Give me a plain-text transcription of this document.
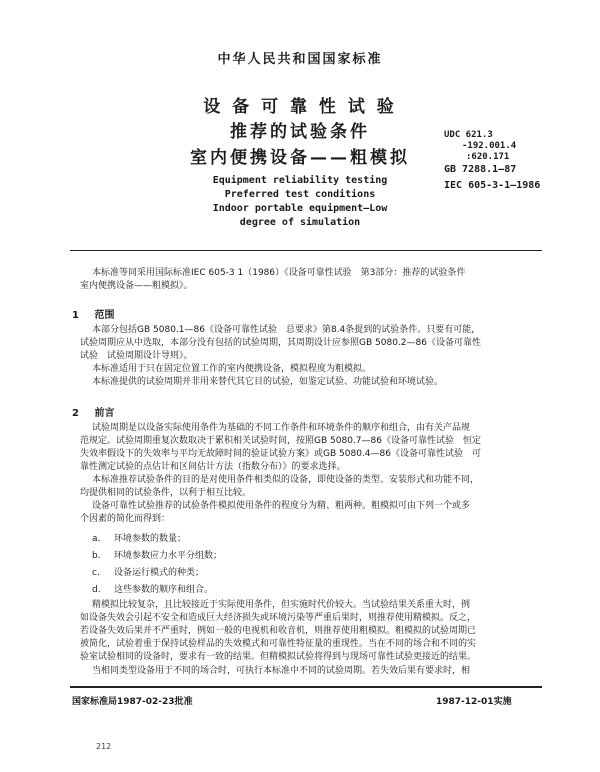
中华人民共和国国家标准
设 备 可 靠 性 试 验
推荐的试验条件
室内便携设备——粗模拟
UDC 621.3
-192.001.4
:620.171
GB 7288.1—87
IEC 605-3-1—1986
Equipment reliability testing
Preferred test conditions
Indoor portable equipment—Low
degree of simulation
本标准等同采用国际标准IEC 605-3 1（1986）《设备可靠性试验　第3部分：推荐的试验条件
室内便携设备——粗模拟》。
1 范围
本部分包括GB 5080.1—86《设备可靠性试验　总要求》第8.4条提到的试验条件。只要有可能，
试验周期应从中选取，本部分没有包括的试验周期，其周期设计应参照GB 5080.2—86《设备可靠性
试验　试验周期设计导则》。
本标准适用于只在固定位置工作的室内便携设备，模拟程度为粗模拟。
本标准提供的试验周期并非用来替代其它目的试验，如鉴定试验、功能试验和环境试验。
2 前言
试验周期是以设备实际使用条件为基础的不同工作条件和环境条件的顺序和组合，由有关产品规
范规定。试验周期重复次数取决于累积相关试验时间，按照GB 5080.7—86《设备可靠性试验　恒定
失效率假设下的失效率与平均无故障时间的验证试验方案》或GB 5080.4—86《设备可靠性试验　可
靠性测定试验的点估计和区间估计方法（指数分布）》的要求选择。
本标准推荐试验条件的目的是对使用条件相类似的设备，即使设备的类型、安装形式和功能不同，
均提供相同的试验条件，以利于相互比较。
设备可靠性试验推荐的试验条件模拟使用条件的程度分为精、粗两种。粗模拟可由下列一个或多
个因素的简化而得到：
a. 环境参数的数量；
b. 环境参数应力水平分组数；
c. 设备运行模式的种类；
d. 这些参数的顺序和组合。
精模拟比较复杂，且比较接近于实际使用条件，但实施时代价较大。当试验结果关系重大时，例
如设备失效会引起不安全和造成巨大经济损失或环境污染等严重后果时，则推荐使用精模拟。反之，
若设备失效后果并不严重时，例如一般的电视机和收音机，则推荐使用粗模拟。粗模拟的试验周期已
被简化，试验着重于保持试验样品的失效模式和可靠性特征量的重现性。当在不同的场合和不同的实
验室试验相同的设备时，要求有一致的结果。但精模拟试验将得到与现场可靠性试验更接近的结果。
当相同类型设备用于不同的场合时，可执行本标准中不同的试验周期。若失效后果有要求时，相
国家标准局1987-02-23批准	1987-12-01实施
212
